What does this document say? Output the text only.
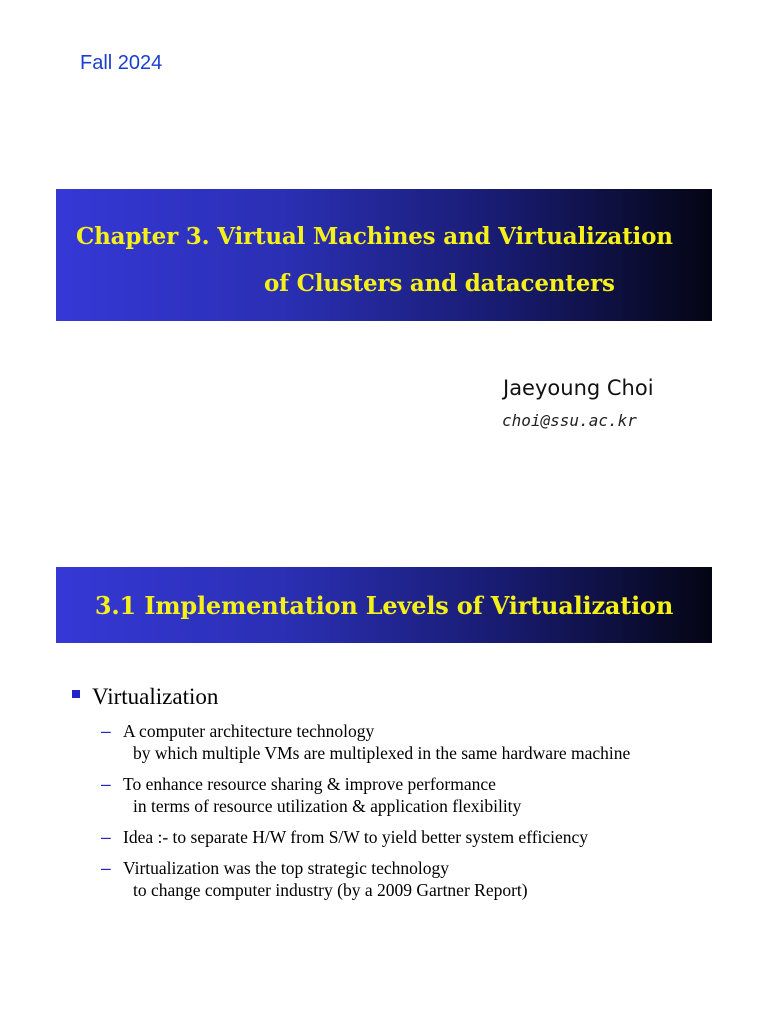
Fall 2024
Chapter 3. Virtual Machines and Virtualization
of Clusters and datacenters
Jaeyoung Choi
choi@ssu.ac.kr
3.1 Implementation Levels of Virtualization
Virtualization
– A computer architecture technology
by which multiple VMs are multiplexed in the same hardware machine
– To enhance resource sharing & improve performance
in terms of resource utilization & application flexibility
– Idea :- to separate H/W from S/W to yield better system efficiency
– Virtualization was the top strategic technology
to change computer industry (by a 2009 Gartner Report)
